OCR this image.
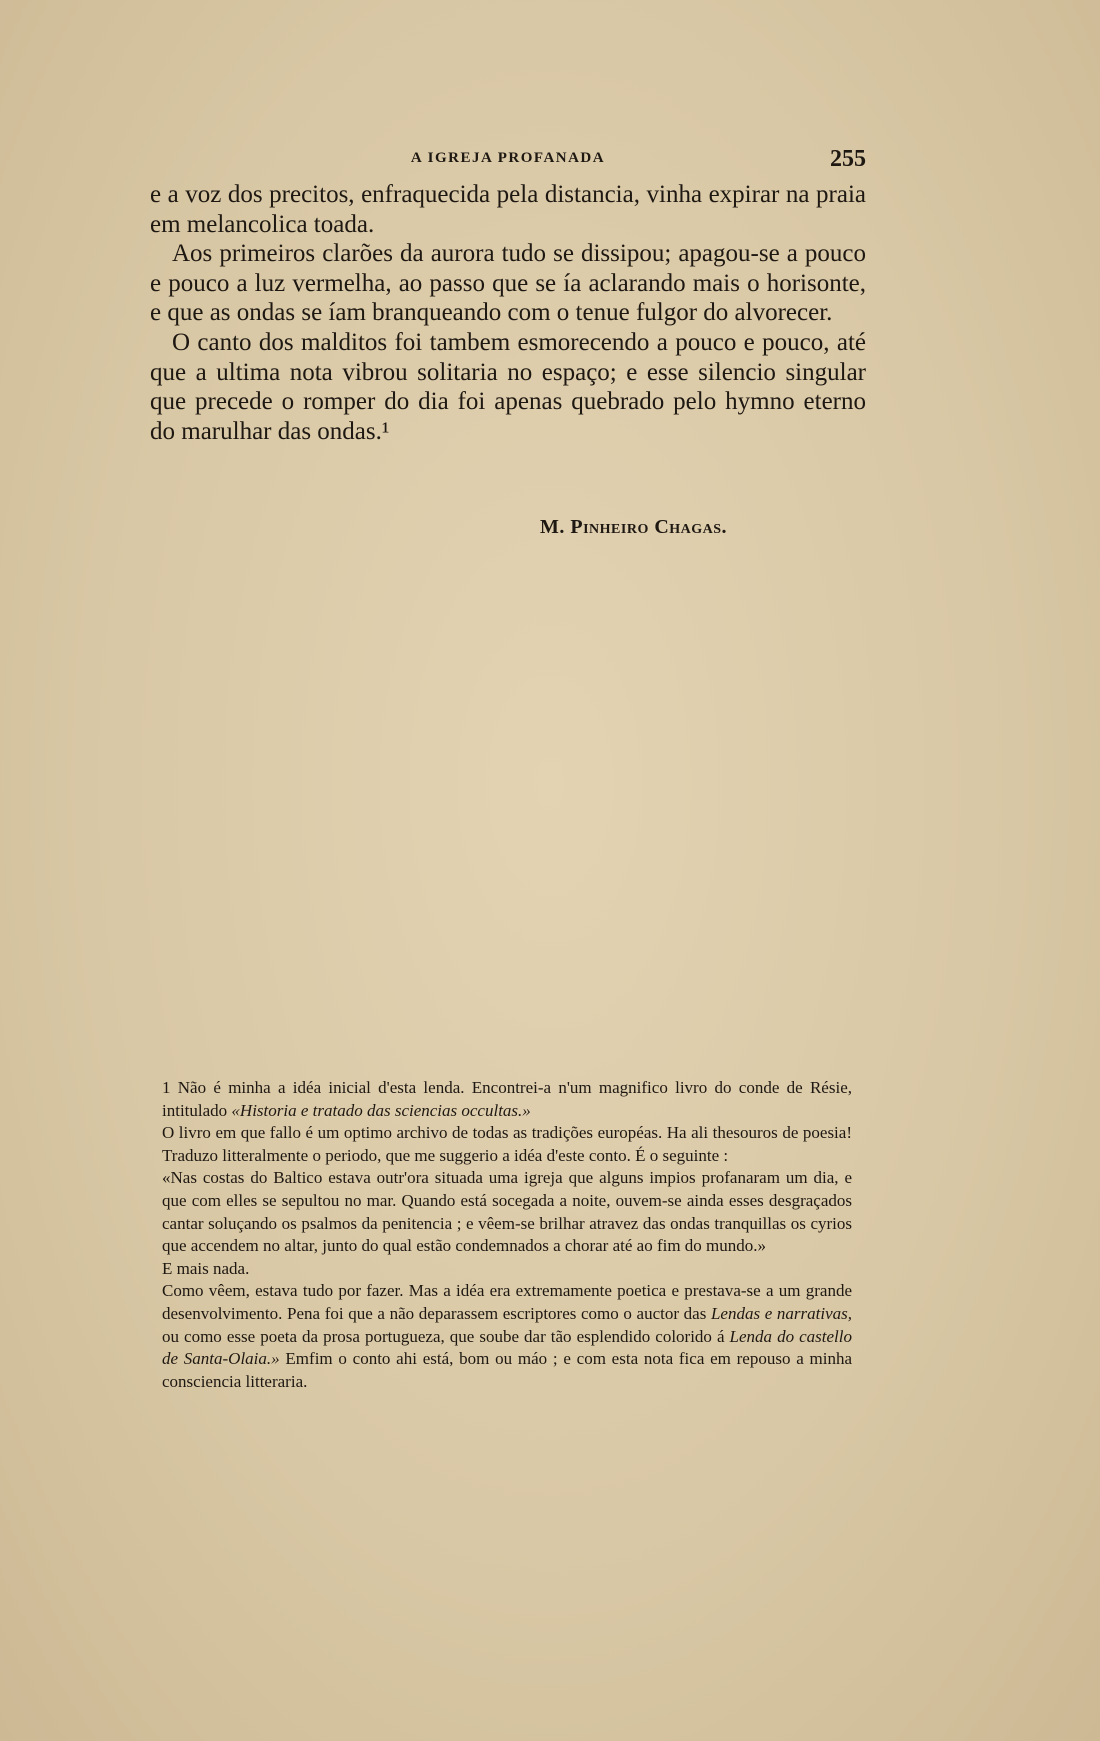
A IGREJA PROFANADA	255

e a voz dos precitos, enfraquecida pela distancia, vinha expirar na praia em melancolica toada.

Aos primeiros clarões da aurora tudo se dissipou; apagou-se a pouco e pouco a luz vermelha, ao passo que se ía aclarando mais o horisonte, e que as ondas se íam branqueando com o tenue fulgor do alvorecer.

O canto dos malditos foi tambem esmorecendo a pouco e pouco, até que a ultima nota vibrou solitaria no espaço; e esse silencio singular que precede o romper do dia foi apenas quebrado pelo hymno eterno do marulhar das ondas.¹

M. Pinheiro Chagas.

1 Não é minha a idéa inicial d'esta lenda. Encontrei-a n'um magnifico livro do conde de Résie, intitulado «Historia e tratado das sciencias occultas.»

O livro em que fallo é um optimo archivo de todas as tradições européas. Ha ali thesouros de poesia! Traduzo litteralmente o periodo, que me suggerio a idéa d'este conto. É o seguinte :

«Nas costas do Baltico estava outr'ora situada uma igreja que alguns impios profanaram um dia, e que com elles se sepultou no mar. Quando está socegada a noite, ouvem-se ainda esses desgraçados cantar soluçando os psalmos da penitencia ; e vêem-se brilhar atravez das ondas tranquillas os cyrios que accendem no altar, junto do qual estão condemnados a chorar até ao fim do mundo.»

E mais nada.

Como vêem, estava tudo por fazer. Mas a idéa era extremamente poetica e prestava-se a um grande desenvolvimento. Pena foi que a não deparassem escriptores como o auctor das Lendas e narrativas, ou como esse poeta da prosa portugueza, que soube dar tão esplendido colorido á Lenda do castello de Santa-Olaia.» Emfim o conto ahi está, bom ou máo ; e com esta nota fica em repouso a minha consciencia litteraria.
